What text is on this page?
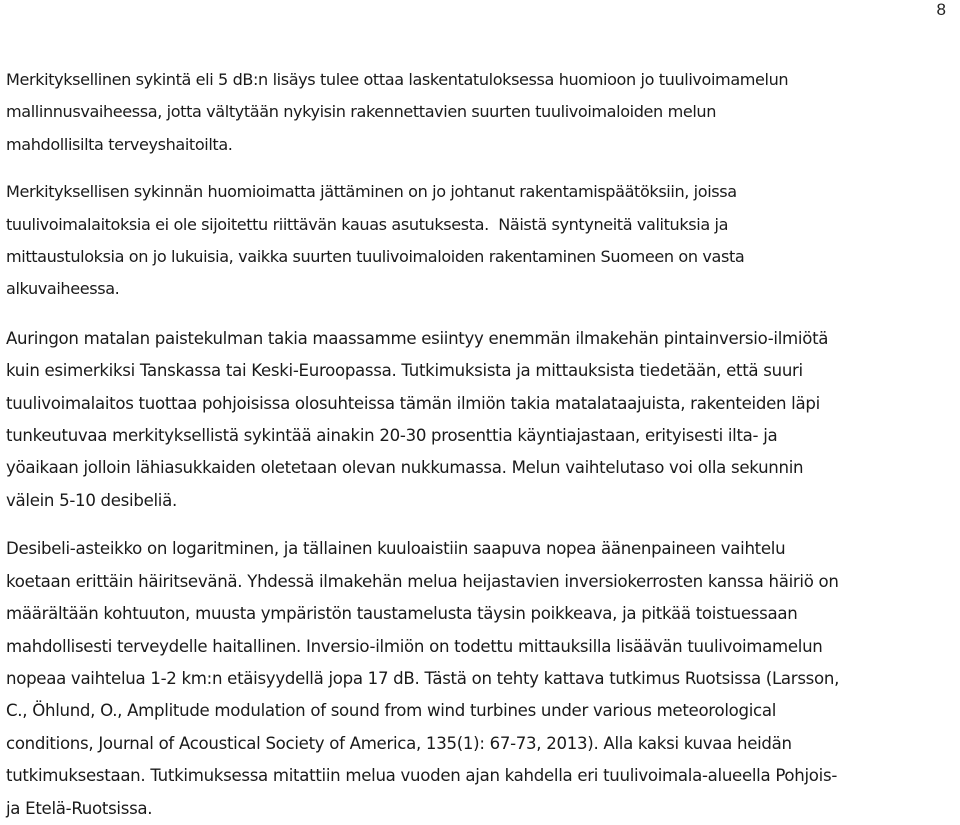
8

Merkityksellinen sykintä eli 5 dB:n lisäys tulee ottaa laskentatuloksessa huomioon jo tuulivoimamelun
mallinnusvaiheessa, jotta vältytään nykyisin rakennettavien suurten tuulivoimaloiden melun
mahdollisilta terveyshaitoilta.

Merkityksellisen sykinnän huomioimatta jättäminen on jo johtanut rakentamispäätöksiin, joissa
tuulivoimalaitoksia ei ole sijoitettu riittävän kauas asutuksesta. Näistä syntyneitä valituksia ja
mittaustuloksia on jo lukuisia, vaikka suurten tuulivoimaloiden rakentaminen Suomeen on vasta
alkuvaiheessa.

Auringon matalan paistekulman takia maassamme esiintyy enemmän ilmakehän pintainversio-ilmiötä
kuin esimerkiksi Tanskassa tai Keski-Euroopassa. Tutkimuksista ja mittauksista tiedetään, että suuri
tuulivoimalaitos tuottaa pohjoisissa olosuhteissa tämän ilmiön takia matalataajuista, rakenteiden läpi
tunkeutuvaa merkityksellistä sykintää ainakin 20-30 prosenttia käyntiajastaan, erityisesti ilta- ja
yöaikaan jolloin lähiasukkaiden oletetaan olevan nukkumassa. Melun vaihtelutaso voi olla sekunnin
välein 5-10 desibeliä.

Desibeli-asteikko on logaritminen, ja tällainen kuuloaistiin saapuva nopea äänenpaineen vaihtelu
koetaan erittäin häiritsevänä. Yhdessä ilmakehän melua heijastavien inversiokerrosten kanssa häiriö on
määrältään kohtuuton, muusta ympäristön taustamelusta täysin poikkeava, ja pitkää toistuessaan
mahdollisesti terveydelle haitallinen. Inversio-ilmiön on todettu mittauksilla lisäävän tuulivoimamelun
nopeaa vaihtelua 1-2 km:n etäisyydellä jopa 17 dB. Tästä on tehty kattava tutkimus Ruotsissa (Larsson,
C., Öhlund, O., Amplitude modulation of sound from wind turbines under various meteorological
conditions, Journal of Acoustical Society of America, 135(1): 67-73, 2013). Alla kaksi kuvaa heidän
tutkimuksestaan. Tutkimuksessa mitattiin melua vuoden ajan kahdella eri tuulivoimala-alueella Pohjois-
ja Etelä-Ruotsissa.
